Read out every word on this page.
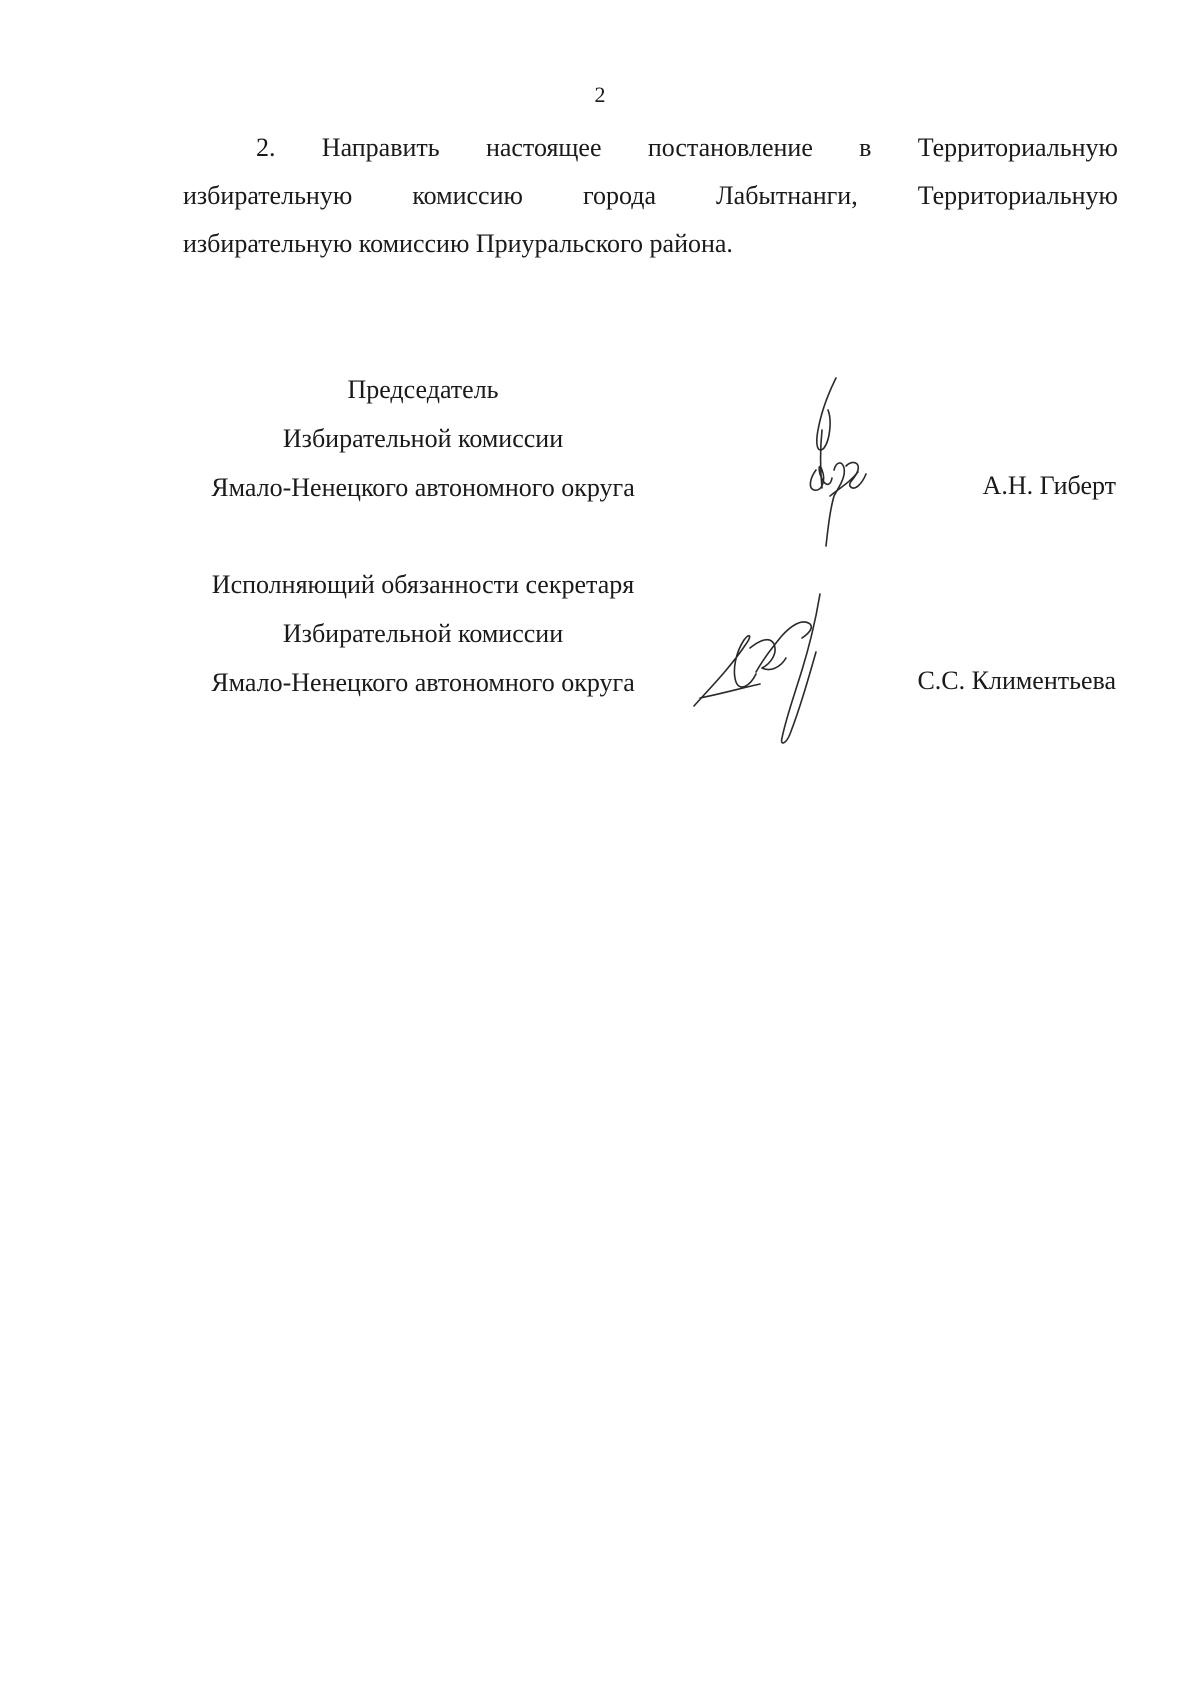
2
2. Направить настоящее постановление в Территориальную
избирательную комиссию города Лабытнанги, Территориальную
избирательную комиссию Приуральского района.
Председатель
Избирательной комиссии
Ямало-Ненецкого автономного округа	А.Н. Гиберт
Исполняющий обязанности секретаря
Избирательной комиссии
Ямало-Ненецкого автономного округа	С.С. Климентьева
